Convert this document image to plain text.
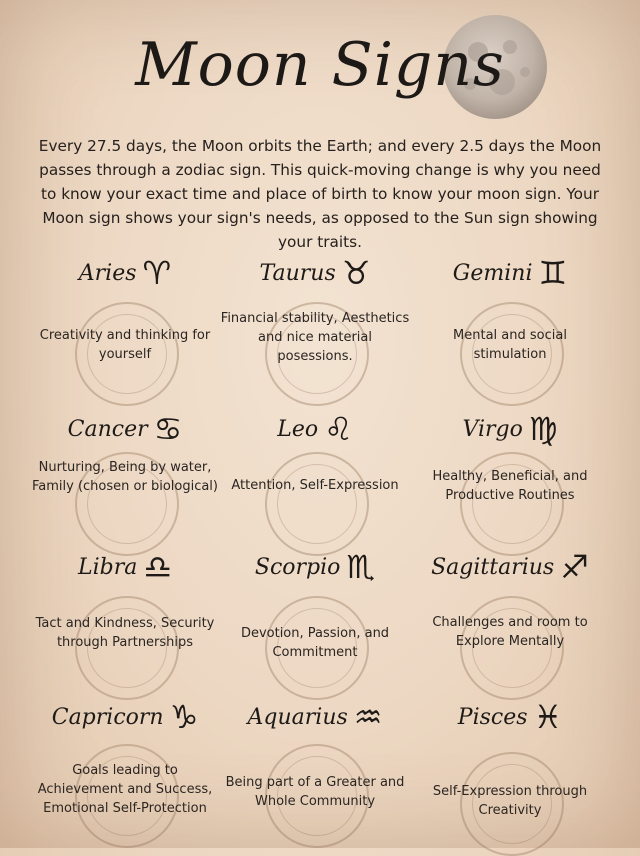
Moon Signs
Every 27.5 days, the Moon orbits the Earth; and every 2.5 days the Moon passes through a zodiac sign. This quick-moving change is why you need to know your exact time and place of birth to know your moon sign. Your Moon sign shows your sign's needs, as opposed to the Sun sign showing your traits.
Aries ♈
Creativity and thinking for yourself
Taurus ♉
Financial stability, Aesthetics and nice material posessions.
Gemini ♊
Mental and social stimulation
Cancer ♋
Nurturing, Being by water, Family (chosen or biological)
Leo ♌
Attention, Self-Expression
Virgo ♍
Healthy, Beneficial, and Productive Routines
Libra ♎
Tact and Kindness, Security through Partnerships
Scorpio ♏
Devotion, Passion, and Commitment
Sagittarius ♐
Challenges and room to Explore Mentally
Capricorn ♑
Goals leading to Achievement and Success, Emotional Self-Protection
Aquarius ♒
Being part of a Greater and Whole Community
Pisces ♓
Self-Expression through Creativity
